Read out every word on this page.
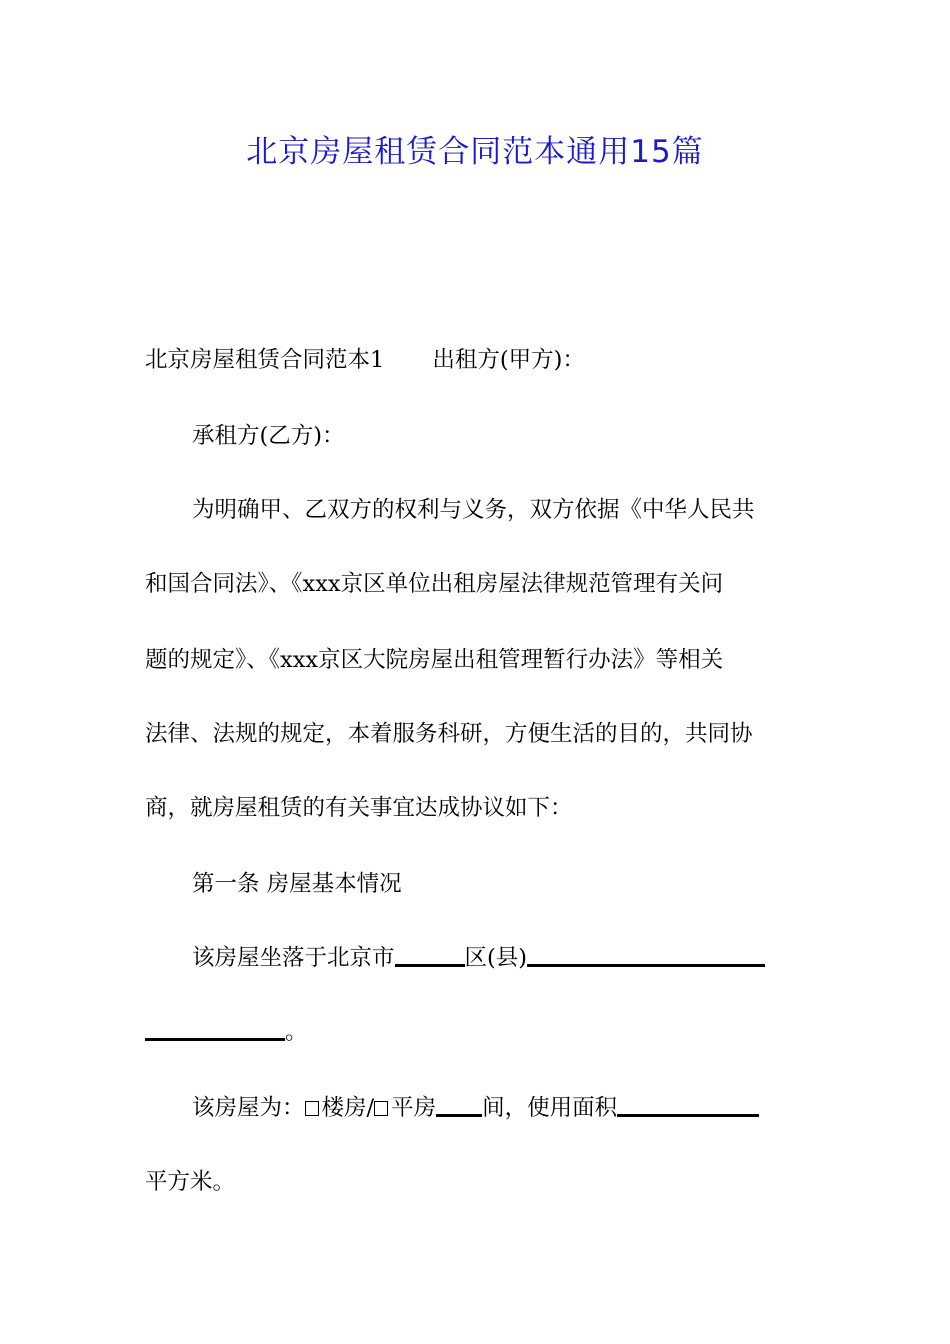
北京房屋租赁合同范本通用15篇
北京房屋租赁合同范本1 出租方(甲方)：
承租方(乙方)：
为明确甲、乙双方的权利与义务，双方依据《中华人民共
和国合同法》、《xxx京区单位出租房屋法律规范管理有关问
题的规定》、《xxx京区大院房屋出租管理暂行办法》等相关
法律、法规的规定，本着服务科研，方便生活的目的，共同协
商，就房屋租赁的有关事宜达成协议如下：
第一条 房屋基本情况
该房屋坐落于北京市	区(县)
。
该房屋为： 楼房/ 平房 间，使用面积
平方米。
